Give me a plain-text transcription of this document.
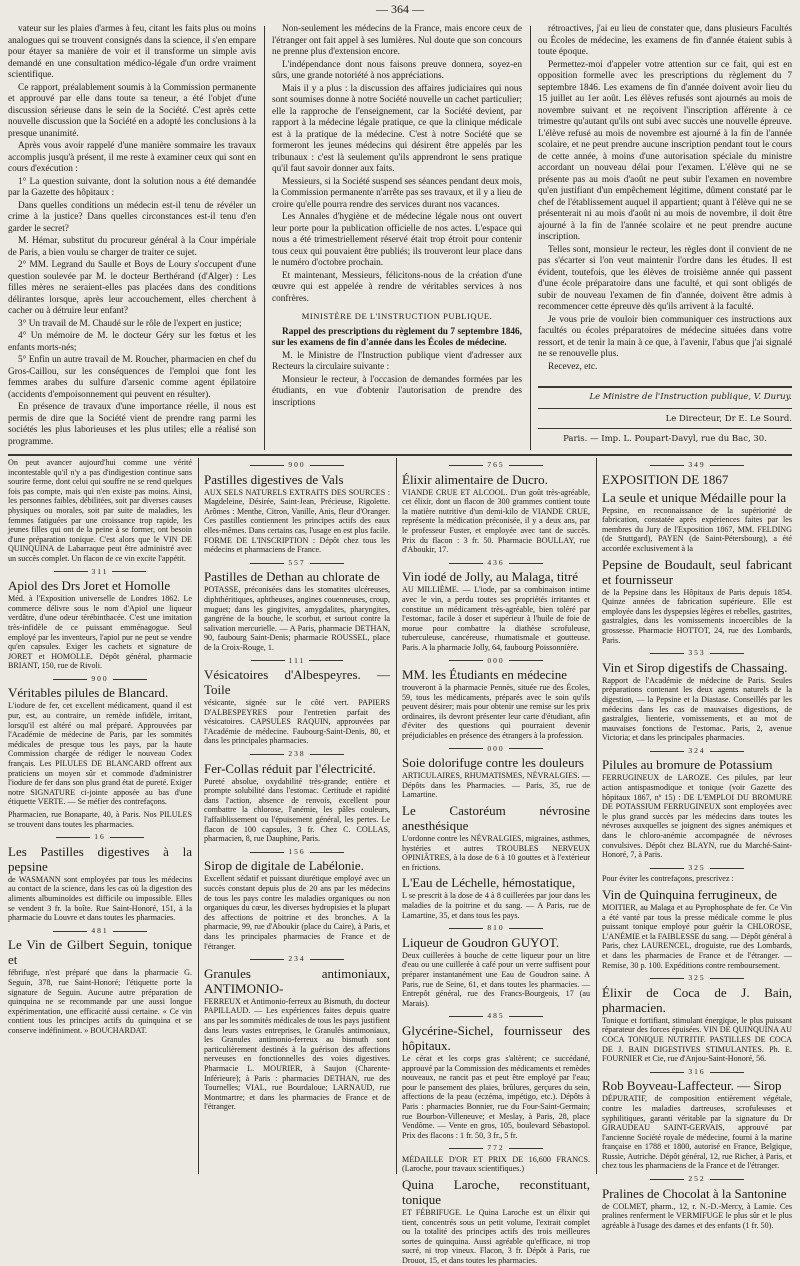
— 364 —

vateur sur les plaies d'armes à feu, citant les faits plus ou moins analogues qui se trouvent consignés dans la science, il s'en empare pour étayer sa manière de voir et il transforme un simple avis demandé en une consultation médico-légale d'un ordre vraiment scientifique.

Ce rapport, préalablement soumis à la Commission permanente et approuvé par elle dans toute sa teneur, a été l'objet d'une discussion sérieuse dans le sein de la Société. C'est après cette nouvelle discussion que la Société en a adopté les conclusions à la presque unanimité.

Après vous avoir rappelé d'une manière sommaire les travaux accomplis jusqu'à présent, il me reste à examiner ceux qui sont en cours d'exécution :

1° La question suivante, dont la solution nous a été demandée par la Gazette des hôpitaux :

Dans quelles conditions un médecin est-il tenu de révéler un crime à la justice? Dans quelles circonstances est-il tenu d'en garder le secret?

M. Hémar, substitut du procureur général à la Cour impériale de Paris, a bien voulu se charger de traiter ce sujet.

2° MM. Legrand du Saulle et Boys de Loury s'occupent d'une question soulevée par M. le docteur Berthérand (d'Alger) : Les filles mères ne seraient-elles pas placées dans des conditions délirantes lorsque, après leur accouchement, elles cherchent à cacher ou à détruire leur enfant?

3° Un travail de M. Chaudé sur le rôle de l'expert en justice;

4° Un mémoire de M. le docteur Géry sur les fœtus et les enfants morts-nés;

5° Enfin un autre travail de M. Roucher, pharmacien en chef du Gros-Caillou, sur les conséquences de l'emploi que font les femmes arabes du sulfure d'arsenic comme agent épilatoire (accidents d'empoisonnement qui peuvent en résulter).

En présence de travaux d'une importance réelle, il nous est permis de dire que la Société vient de prendre rang parmi les sociétés les plus laborieuses et les plus utiles; elle a réalisé son programme.

Non-seulement les médecins de la France, mais encore ceux de l'étranger ont fait appel à ses lumières. Nul doute que son concours ne prenne plus d'extension encore.

L'indépendance dont nous faisons preuve donnera, soyez-en sûrs, une grande notoriété à nos appréciations.

Mais il y a plus : la discussion des affaires judiciaires qui nous sont soumises donne à notre Société nouvelle un cachet particulier; elle la rapproche de l'enseignement, car la Société devient, par rapport à la médecine légale pratique, ce que la clinique médicale est à la pratique de la médecine. C'est à notre Société que se formeront les jeunes médecins qui désirent être appelés par les tribunaux : c'est là seulement qu'ils apprendront le sens pratique qu'il faut savoir donner aux faits.

Messieurs, si la Société suspend ses séances pendant deux mois, la Commission permanente n'arrête pas ses travaux, et il y a lieu de croire qu'elle pourra rendre des services durant nos vacances.

Les Annales d'hygiène et de médecine légale nous ont ouvert leur porte pour la publication officielle de nos actes. L'espace qui nous a été trimestriellement réservé était trop étroit pour contenir tous ceux qui pouvaient être publiés; ils trouveront leur place dans le numéro d'octobre prochain.

Et maintenant, Messieurs, félicitons-nous de la création d'une œuvre qui est appelée à rendre de véritables services à nos confrères.

MINISTÈRE DE L'INSTRUCTION PUBLIQUE.

Rappel des prescriptions du règlement du 7 septembre 1846, sur les examens de fin d'année dans les Écoles de médecine.

M. le Ministre de l'Instruction publique vient d'adresser aux Recteurs la circulaire suivante :

Monsieur le recteur, à l'occasion de demandes formées par les étudiants, en vue d'obtenir l'autorisation de prendre des inscriptions

rétroactives, j'ai eu lieu de constater que, dans plusieurs Facultés ou Écoles de médecine, les examens de fin d'année étaient subis à toute époque.

Permettez-moi d'appeler votre attention sur ce fait, qui est en opposition formelle avec les prescriptions du règlement du 7 septembre 1846. Les examens de fin d'année doivent avoir lieu du 15 juillet au 1er août. Les élèves refusés sont ajournés au mois de novembre suivant et ne reçoivent l'inscription afférente à ce trimestre qu'autant qu'ils ont subi avec succès une nouvelle épreuve. L'élève refusé au mois de novembre est ajourné à la fin de l'année scolaire, et ne peut prendre aucune inscription pendant tout le cours de cette année, à moins d'une autorisation spéciale du ministre accordant un nouveau délai pour l'examen. L'élève qui ne se présente pas au mois d'août ne peut subir l'examen en novembre qu'en justifiant d'un empêchement légitime, dûment constaté par le chef de l'établissement auquel il appartient; quant à l'élève qui ne se présenterait ni au mois d'août ni au mois de novembre, il doit être ajourné à la fin de l'année scolaire et ne peut prendre aucune inscription.

Telles sont, monsieur le recteur, les règles dont il convient de ne pas s'écarter si l'on veut maintenir l'ordre dans les études. Il est évident, toutefois, que les élèves de troisième année qui passent d'une école préparatoire dans une faculté, et qui sont obligés de subir de nouveau l'examen de fin d'année, doivent être admis à recommencer cette épreuve dès qu'ils arrivent à la faculté.

Je vous prie de vouloir bien communiquer ces instructions aux facultés ou écoles préparatoires de médecine situées dans votre ressort, et de tenir la main à ce que, à l'avenir, l'abus que j'ai signalé ne se renouvelle plus.

Recevez, etc.

Le Ministre de l'Instruction publique, V. Duruy.
Le Directeur, Dr E. Le Sourd.
Paris. — Imp. L. Poupart-Davyl, rue du Bac, 30.

On peut avancer aujourd'hui comme une vérité incontestable qu'il n'y a pas d'indigestion continue sans sourire ferme, dont celui qui souffre ne se rend quelques fois pas compte, mais qui n'en existe pas moins. Ainsi, les personnes faibles, débilitées, soit par diverses causes physiques ou morales, soit par suite de maladies, les femmes fatiguées par une croissance trop rapide, les jeunes filles qui ont de la peine à se former, ont besoin d'une préparation tonique. C'est alors que le VIN DE QUINQUINA de Labarraque peut être administré avec un succès complet. Un flacon de ce vin excite l'appétit.

311
Apiol des Drs Joret et Homolle

Méd. à l'Exposition universelle de Londres 1862. Le commerce délivre sous le nom d'Apiol une liqueur verdâtre, d'une odeur térébinthacée. C'est une imitation très-infidèle de ce puissant emménagogue. Seul employé par les inventeurs, l'apiol pur ne peut se vendre qu'en capsules. Exiger les cachets et signature de JORET et HOMOLLE. Dépôt général, pharmacie BRIANT, 150, rue de Rivoli.

900
Véritables pilules de Blancard.

L'iodure de fer, cet excellent médicament, quand il est pur, est, au contraire, un remède infidèle, irritant, lorsqu'il est altéré ou mal préparé. Approuvées par l'Académie de médecine de Paris, par les sommités médicales de presque tous les pays, par la haute Commission chargée de rédiger le nouveau Codex français. Les PILULES DE BLANCARD offrent aux praticiens un moyen sûr et commode d'administrer l'iodure de fer dans son plus grand état de pureté. Exiger notre SIGNATURE ci-jointe apposée au bas d'une étiquette VERTE. — Se méfier des contrefaçons.

Pharmacien, rue Bonaparte, 40, à Paris. Nos PILULES se trouvent dans toutes les pharmacies.

16
Les Pastilles digestives à la pepsine

de WASMANN sont employées par tous les médecins au contact de la science, dans les cas où la digestion des aliments albuminoïdes est difficile ou impossible. Elles se vendent 3 fr. la boîte. Rue Saint-Honoré, 151, à la pharmacie du Louvre et dans toutes les pharmacies.

481
Le Vin de Gilbert Seguin, tonique et

fébrifuge, n'est préparé que dans la pharmacie G. Seguin, 378, rue Saint-Honoré; l'étiquette porte la signature de Seguin. Aucune autre préparation de quinquina ne se recommande par une aussi longue expérimentation, une efficacité aussi certaine. « Ce vin contient tous les principes actifs du quinquina et se conserve indéfiniment. » BOUCHARDAT.

900
Pastilles digestives de Vals

AUX SELS NATURELS EXTRAITS DES SOURCES : Magdeleine, Désirée, Saint-Jean, Précieuse, Rigolette. Arômes : Menthe, Citron, Vanille, Anis, fleur d'Oranger. Ces pastilles contiennent les principes actifs des eaux elles-mêmes. Dans certains cas, l'usage en est plus facile. FORME DE L'INSCRIPTION : Dépôt chez tous les médecins et pharmaciens de France.

557
Pastilles de Dethan au chlorate de

POTASSE, préconisées dans les stomatites ulcéreuses, diphthéritiques, aphtheuses, angines couenneuses, croup, muguet; dans les gingivites, amygdalites, pharyngites, gangrène de la bouche, le scorbut, et surtout contre la salivation mercurielle. — A Paris, pharmacie DETHAN, 90, faubourg Saint-Denis; pharmacie ROUSSEL, place de la Croix-Rouge, 1.

111
Vésicatoires d'Albespeyres. — Toile

vésicante, signée sur le côté vert. PAPIERS D'ALBESPEYRES pour l'entretien parfait des vésicatoires. CAPSULES RAQUIN, approuvées par l'Académie de médecine. Faubourg-Saint-Denis, 80, et dans les principales pharmacies.

238
Fer-Collas réduit par l'électricité.

Pureté absolue, oxydabilité très-grande; entière et prompte solubilité dans l'estomac. Certitude et rapidité dans l'action, absence de renvois, excellent pour combattre la chlorose, l'anémie, les pâles couleurs, l'affaiblissement ou l'épuisement général, les pertes. Le flacon de 100 capsules, 3 fr. Chez C. COLLAS, pharmacien, 8, rue Dauphine, Paris.

156
Sirop de digitale de Labélonie.

Excellent sédatif et puissant diurétique employé avec un succès constant depuis plus de 20 ans par les médecins de tous les pays contre les maladies organiques ou non organiques du cœur, les diverses hydropisies et la plupart des affections de poitrine et des bronches. A la pharmacie, 99, rue d'Aboukir (place du Caire), à Paris, et dans les principales pharmacies de France et de l'étranger.

234
Granules antimoniaux, ANTIMONIO-

FERREUX et Antimonio-ferreux au Bismuth, du docteur PAPILLAUD. — Les expériences faites depuis quatre ans par les sommités médicales de tous les pays justifient dans leurs vastes entreprises, le Granulés antimoniaux, les Granules antimonio-ferreux au bismuth sont particulièrement destinés à la guérison des affections nerveuses en fonctionnelles des voies digestives. Pharmacie L. MOURIER, à Saujon (Charente-Inférieure); à Paris : pharmacies DETHAN, rue des Tournelles; VIAL, rue Bourdaloue; LARNAUD, rue Montmartre; et dans les pharmacies de France et de l'étranger.

765
Élixir alimentaire de Ducro.

VIANDE CRUE ET ALCOOL. D'un goût très-agréable, cet élixir, dont un flacon de 300 grammes contient toute la matière nutritive d'un demi-kilo de VIANDE CRUE, représente la médication préconisée, il y a deux ans, par le professeur Fuster, et employée avec tant de succès. Prix du flacon : 3 fr. 50. Pharmacie BOULLAY, rue d'Aboukir, 17.

436
Vin iodé de Jolly, au Malaga, titré

AU MILLIÈME. — L'iode, par sa combinaison intime avec le vin, a perdu toutes ses propriétés irritantes et constitue un médicament très-agréable, bien toléré par l'estomac, facile à doser et supérieur à l'huile de foie de morue pour combattre la diathèse scrofuleuse, tuberculeuse, cancéreuse, rhumatismale et goutteuse. Paris. A la pharmacie Jolly, 64, faubourg Poissonnière.

000
MM. les Étudiants en médecine

trouveront à la pharmacie Pennès, située rue des Écoles, 59, tous les médicaments, préparés avec le soin qu'ils peuvent désirer; mais pour obtenir une remise sur les prix ordinaires, ils devront présenter leur carte d'étudiant, afin d'éviter des questions qui pourraient devenir préjudiciables en présence des étrangers à la profession.

000
Soie dolorifuge contre les douleurs

ARTICULAIRES, RHUMATISMES, NÉVRALGIES. — Dépôts dans les Pharmacies. — Paris, 35, rue de Lamartine.

Le Castoréum névrosine anesthésique

L'ordonne contre les NÉVRALGIES, migraines, asthmes, hystéries et autres TROUBLES NERVEUX OPINIÂTRES, à la dose de 6 à 10 gouttes et à l'extérieur en frictions.

L'Eau de Léchelle, hémostatique,

L se prescrit à la dose de 4 à 8 cuillerées par jour dans les maladies de la poitrine et du sang. — A Paris, rue de Lamartine, 35, et dans tous les pays.

810
Liqueur de Goudron GUYOT.

Deux cuillerées à bouche de cette liqueur pour un litre d'eau ou une cuillerée à café pour un verre suffisent pour préparer instantanément une Eau de Goudron saine. A Paris, rue de Seine, 61, et dans toutes les pharmacies. — Entrepôt général, rue des Francs-Bourgeois, 17 (au Marais).

485
Glycérine-Sichel, fournisseur des hôpitaux.

Le cérat et les corps gras s'altèrent; ce succédané, approuvé par la Commission des médicaments et remèdes nouveaux, ne rancit pas et peut être employé par l'eau; pour le pansement des plaies, brûlures, gerçures du sein, affections de la peau (eczéma, impétigo, etc.). Dépôts à Paris : pharmacies Bonnier, rue du Four-Saint-Germain; rue Bourbon-Villeneuve; et Meslay, à Paris, 28, place Vendôme. — Vente en gros, 105, boulevard Sébastopol. Prix des flacons : 1 fr. 50, 3 fr., 5 fr.

772

MÉDAILLE D'OR ET PRIX DE 16,600 FRANCS. (Laroche, pour travaux scientifiques.)

Quina Laroche, reconstituant, tonique

ET FÉBRIFUGE. Le Quina Laroche est un élixir qui tient, concentrés sous un petit volume, l'extrait complet ou la totalité des principes actifs des trois meilleures sortes de quinquina. Aussi agréable qu'efficace, ni trop sucré, ni trop vineux. Flacon, 3 fr. Dépôt à Paris, rue Drouot, 15, et dans toutes les pharmacies.

349
EXPOSITION DE 1867
La seule et unique Médaille pour la

Pepsine, en reconnaissance de la supériorité de fabrication, constatée après expériences faites par les membres du Jury de l'Exposition 1867, MM. FELDING (de Stuttgard), PAYEN (de Saint-Pétersbourg), a été accordée exclusivement à la

Pepsine de Boudault, seul fabricant et fournisseur

de la Pepsine dans les Hôpitaux de Paris depuis 1854. Quinze années de fabrication supérieure. Elle est employée dans les dyspepsies légères et rebelles, gastrites, gastralgies, dans les vomissements incoercibles de la grossesse. Pharmacie HOTTOT, 24, rue des Lombards, Paris.

353
Vin et Sirop digestifs de Chassaing.

Rapport de l'Académie de médecine de Paris. Seules préparations contenant les deux agents naturels de la digestion, — la Pepsine et la Diastase. Conseillés par les médecins dans les cas de mauvaises digestions, de gastralgies, lienterie, vomissements, et au mot de mauvaises fonctions de l'estomac. Paris, 2, avenue Victoria; et dans les principales pharmacies.

324
Pilules au bromure de Potassium

FERRUGINEUX de LAROZE. Ces pilules, par leur action antispasmodique et tonique (voir Gazette des hôpitaux 1867, nº 15) : DE L'EMPLOI DU BROMURE DE POTASSIUM FERRUGINEUX sont employées avec le plus grand succès par les médecins dans toutes les névroses auxquelles se joignent des signes anémiques et dans le chloro-anémie accompagnée de névroses convulsives. Dépôt chez BLAYN, rue du Marché-Saint-Honoré, 7, à Paris.

325

Pour éviter les contrefaçons, prescrivez :

Vin de Quinquina ferrugineux, de

MOITIER, au Malaga et au Pyrophosphate de fer. Ce Vin a été vanté par tous la presse médicale comme le plus puissant tonique employé pour guérir la CHLOROSE, L'ANÉMIE et la FAIBLESSE du sang. — Dépôt général à Paris, chez LAURENCEL, droguiste, rue des Lombards, et dans les pharmacies de France et de l'étranger. — Remise, 30 p. 100. Expéditions contre remboursement.

325
Élixir de Coca de J. Bain, pharmacien.

Tonique et fortifiant, stimulant énergique, le plus puissant réparateur des forces épuisées. VIN DE QUINQUINA AU COCA TONIQUE NUTRITIF. PASTILLES DE COCA DE J. BAIN DIGESTIVES STIMULANTES. Ph. E. FOURNIER et Cie, rue d'Anjou-Saint-Honoré, 56.

316
Rob Boyveau-Laffecteur. — Sirop

DÉPURATIF, de composition entièrement végétale, contre les maladies dartreuses, scrofuleuses et syphilitiques, garanti véritable par la signature du Dr GIRAUDEAU SAINT-GERVAIS, approuvé par l'ancienne Société royale de médecine, fourni à la marine française en 1788 et 1800, autorisé en France, Belgique, Russie, Autriche. Dépôt général, 12, rue Richer, à Paris, et chez tous les pharmaciens de la France et de l'étranger.

252
Pralines de Chocolat à la Santonine

de COLMET, pharm., 12, r. N.-D.-Mercy, à Lamie. Ces pralines renferment le VERMIFUGE le plus sûr et le plus agréable à l'usage des dames et des enfants (1 fr. 50).
